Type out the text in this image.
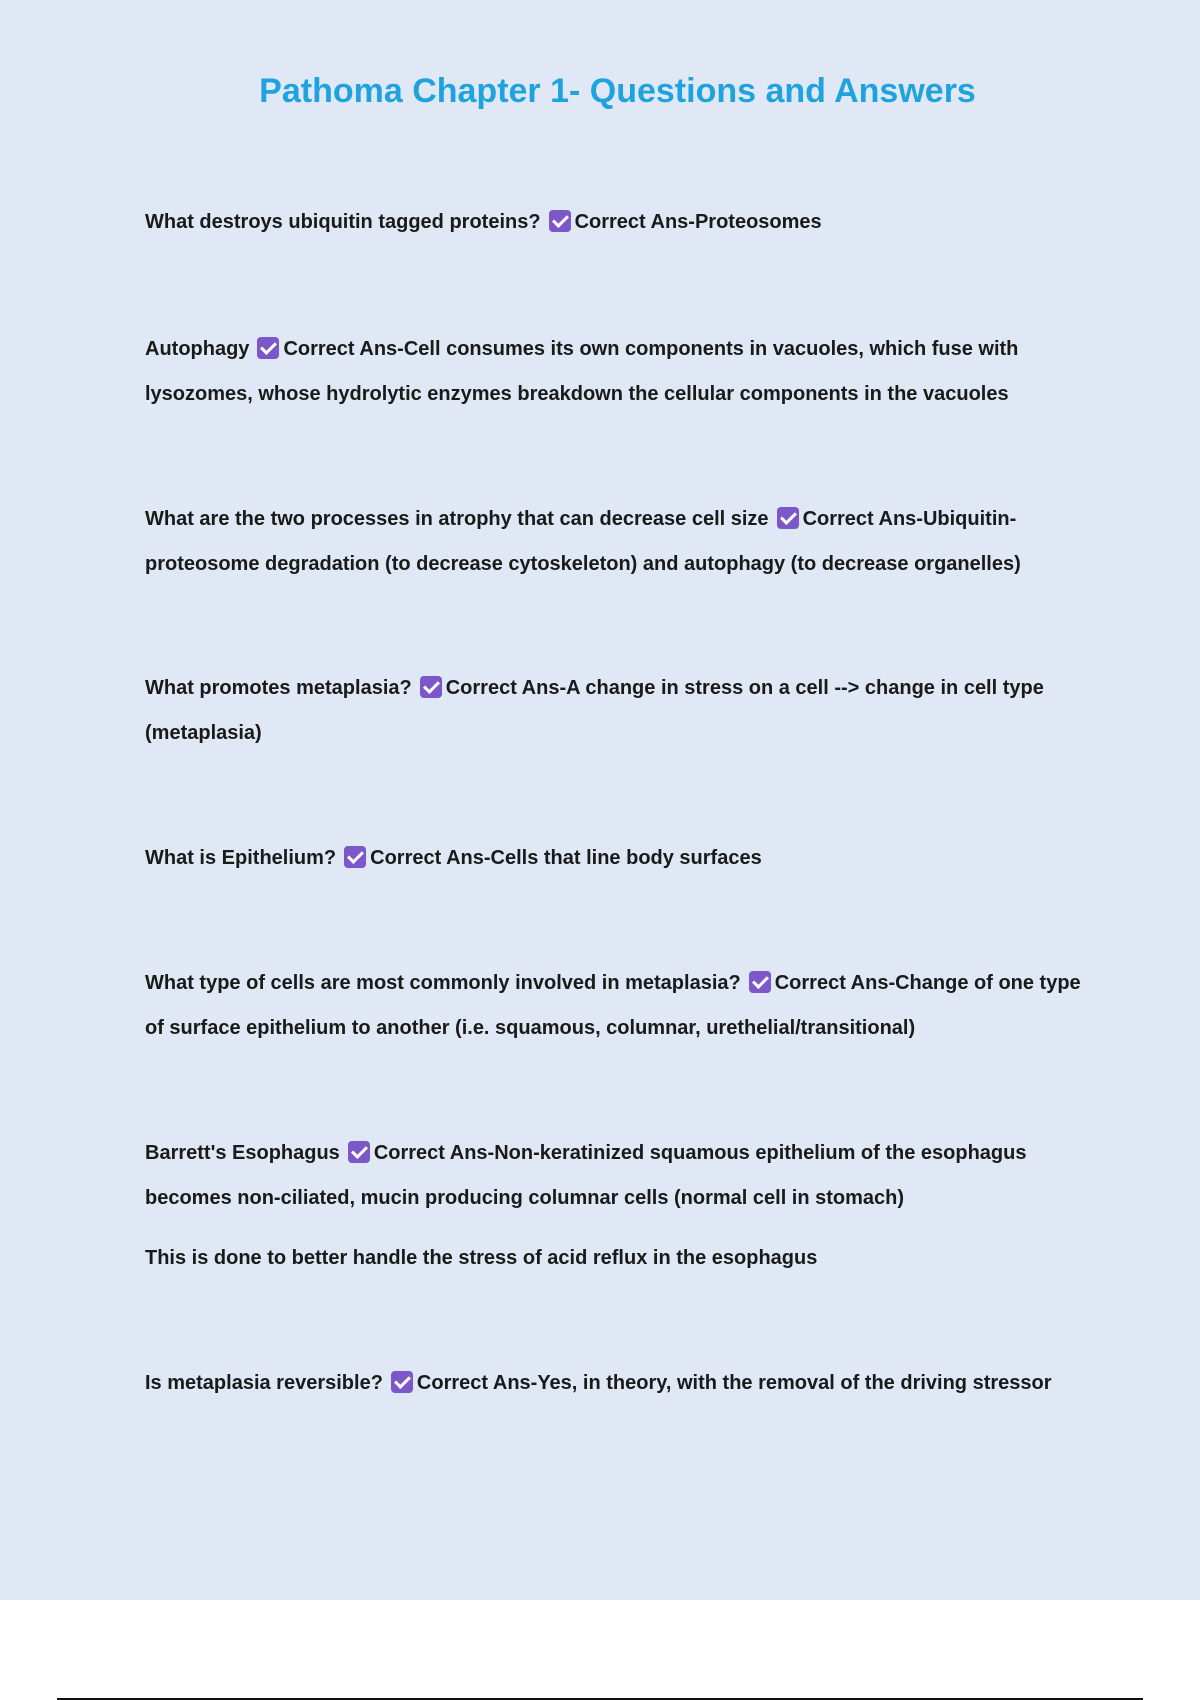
Pathoma Chapter 1- Questions and Answers

What destroys ubiquitin tagged proteins? Correct Ans-Proteosomes

Autophagy Correct Ans-Cell consumes its own components in vacuoles, which fuse with lysozomes, whose hydrolytic enzymes breakdown the cellular components in the vacuoles

What are the two processes in atrophy that can decrease cell size Correct Ans-Ubiquitin-proteosome degradation (to decrease cytoskeleton) and autophagy (to decrease organelles)

What promotes metaplasia? Correct Ans-A change in stress on a cell --> change in cell type (metaplasia)

What is Epithelium? Correct Ans-Cells that line body surfaces

What type of cells are most commonly involved in metaplasia? Correct Ans-Change of one type of surface epithelium to another (i.e. squamous, columnar, urethelial/transitional)

Barrett's Esophagus Correct Ans-Non-keratinized squamous epithelium of the esophagus becomes non-ciliated, mucin producing columnar cells (normal cell in stomach)

This is done to better handle the stress of acid reflux in the esophagus

Is metaplasia reversible? Correct Ans-Yes, in theory, with the removal of the driving stressor
